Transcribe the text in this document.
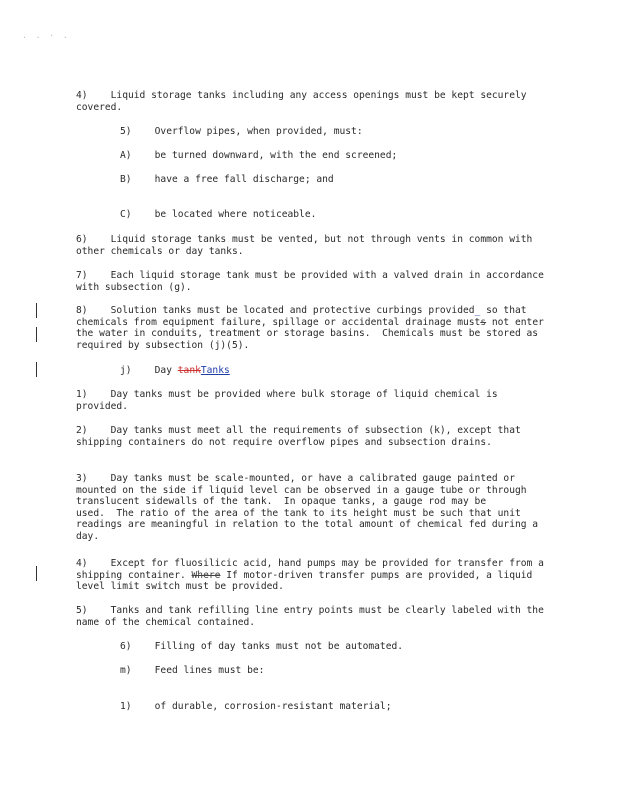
. . · .

4)    Liquid storage tanks including any access openings must be kept securely covered.

5)    Overflow pipes, when provided, must:

A)    be turned downward, with the end screened;

B)    have a free fall discharge; and

C)    be located where noticeable.

6)    Liquid storage tanks must be vented, but not through vents in common with other chemicals or day tanks.

7)    Each liquid storage tank must be provided with a valved drain in accordance with subsection (g).

8)    Solution tanks must be located and protective curbings provided_ so that chemicals from equipment failure, spillage or accidental drainage musts not enter the water in conduits, treatment or storage basins.  Chemicals must be stored as required by subsection (j)(5).

j)    Day tankTanks

1)    Day tanks must be provided where bulk storage of liquid chemical is provided.

2)    Day tanks must meet all the requirements of subsection (k), except that shipping containers do not require overflow pipes and subsection drains.

3)    Day tanks must be scale-mounted, or have a calibrated gauge painted or mounted on the side if liquid level can be observed in a gauge tube or through translucent sidewalls of the tank.  In opaque tanks, a gauge rod may be used.  The ratio of the area of the tank to its height must be such that unit readings are meaningful in relation to the total amount of chemical fed during a day.

4)    Except for fluosilicic acid, hand pumps may be provided for transfer from a shipping container. Where If motor-driven transfer pumps are provided, a liquid level limit switch must be provided.

5)    Tanks and tank refilling line entry points must be clearly labeled with the name of the chemical contained.

6)    Filling of day tanks must not be automated.

m)    Feed lines must be:

1)    of durable, corrosion-resistant material;
